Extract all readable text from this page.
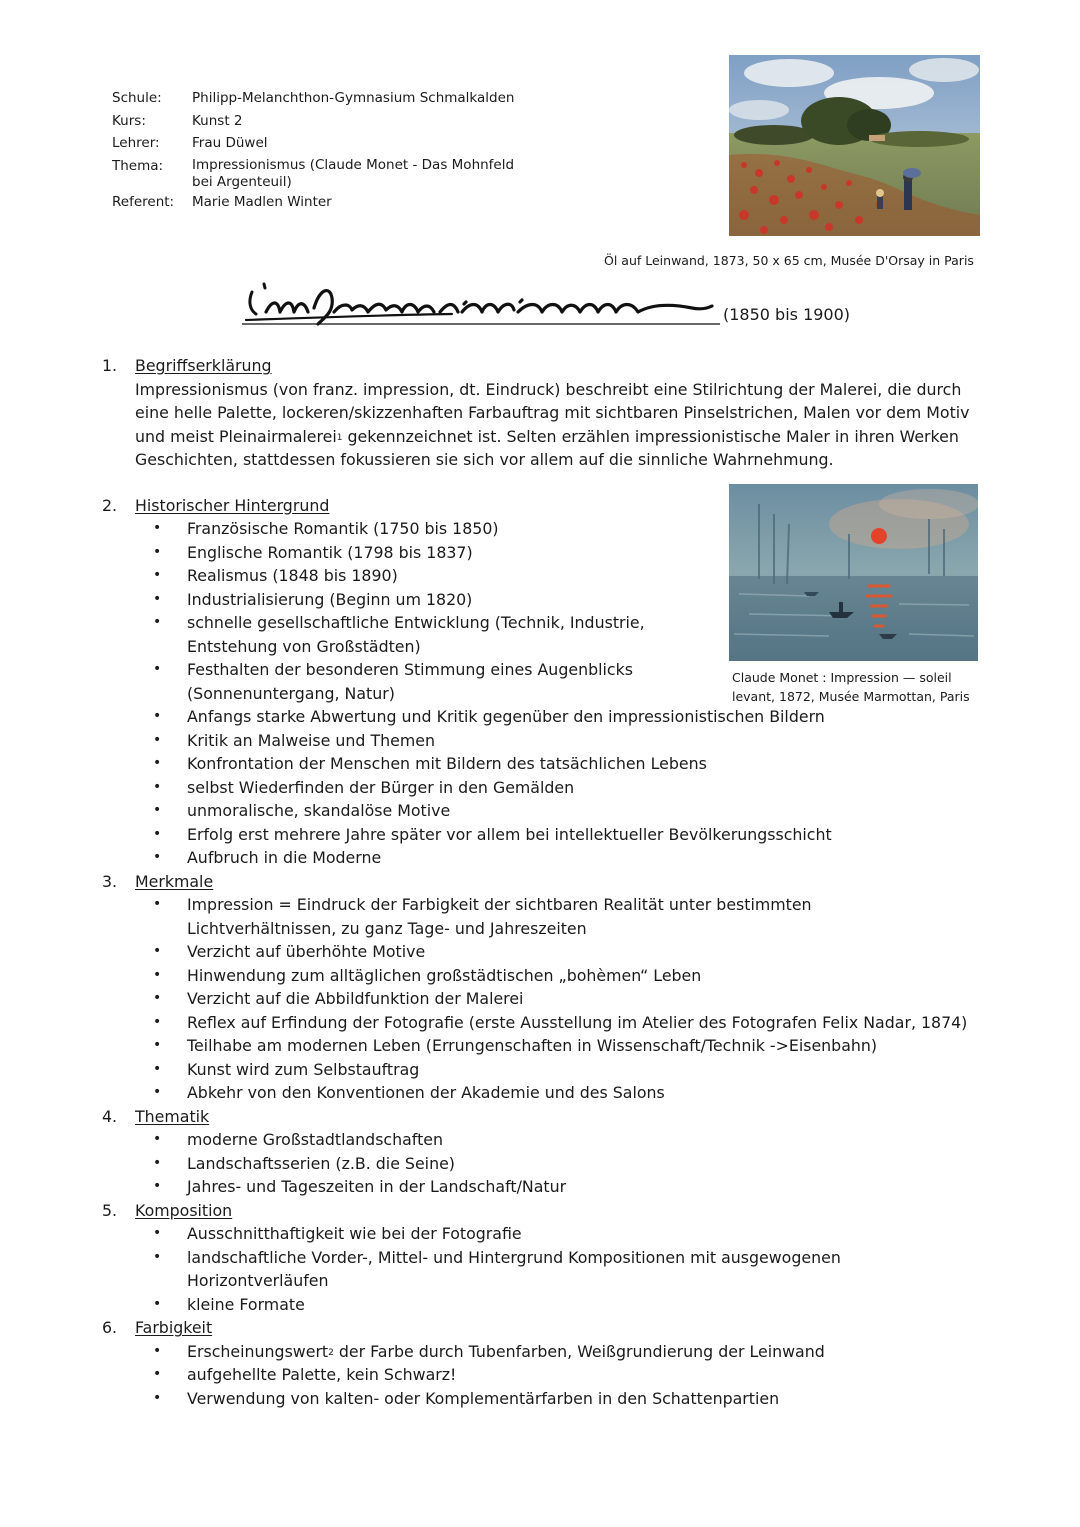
Schule:	Philipp-Melanchthon-Gymnasium Schmalkalden
Kurs:	Kunst 2
Lehrer:	Frau Düwel
Thema:	Impressionismus (Claude Monet - Das Mohnfeld bei Argenteuil)
Referent:	Marie Madlen Winter
Öl auf Leinwand, 1873, 50 x 65 cm, Musée D'Orsay in Paris
(1850 bis 1900)
Claude Monet : Impression — soleil
levant, 1872, Musée Marmottan, Paris
1. Begriffserklärung
Impressionismus (von franz. impression, dt. Eindruck) beschreibt eine Stilrichtung der Malerei, die durch eine helle Palette, lockeren/skizzenhaften Farbauftrag mit sichtbaren Pinselstrichen, Malen vor dem Motiv und meist Pleinairmalerei$^1$ gekennzeichnet ist. Selten erzählen impressionistische Maler in ihren Werken Geschichten, stattdessen fokussieren sie sich vor allem auf die sinnliche Wahrnehmung.
2. Historischer Hintergrund
• Französische Romantik (1750 bis 1850)
• Englische Romantik (1798 bis 1837)
• Realismus (1848 bis 1890)
• Industrialisierung (Beginn um 1820)
• schnelle gesellschaftliche Entwicklung (Technik, Industrie, Entstehung von Großstädten)
• Festhalten der besonderen Stimmung eines Augenblicks (Sonnenuntergang, Natur)
• Anfangs starke Abwertung und Kritik gegenüber den impressionistischen Bildern
• Kritik an Malweise und Themen
• Konfrontation der Menschen mit Bildern des tatsächlichen Lebens
• selbst Wiederfinden der Bürger in den Gemälden
• unmoralische, skandalöse Motive
• Erfolg erst mehrere Jahre später vor allem bei intellektueller Bevölkerungsschicht
• Aufbruch in die Moderne
3. Merkmale
• Impression = Eindruck der Farbigkeit der sichtbaren Realität unter bestimmten Lichtverhältnissen, zu ganz Tage- und Jahreszeiten
• Verzicht auf überhöhte Motive
• Hinwendung zum alltäglichen großstädtischen „bohèmen“ Leben
• Verzicht auf die Abbildfunktion der Malerei
• Reflex auf Erfindung der Fotografie (erste Ausstellung im Atelier des Fotografen Felix Nadar, 1874)
• Teilhabe am modernen Leben (Errungenschaften in Wissenschaft/Technik ->Eisenbahn)
• Kunst wird zum Selbstauftrag
• Abkehr von den Konventionen der Akademie und des Salons
4. Thematik
• moderne Großstadtlandschaften
• Landschaftsserien (z.B. die Seine)
• Jahres- und Tageszeiten in der Landschaft/Natur
5. Komposition
• Ausschnitthaftigkeit wie bei der Fotografie
• landschaftliche Vorder-, Mittel- und Hintergrund Kompositionen mit ausgewogenen Horizontverläufen
• kleine Formate
6. Farbigkeit
• Erscheinungswert$^2$ der Farbe durch Tubenfarben, Weißgrundierung der Leinwand
• aufgehellte Palette, kein Schwarz!
• Verwendung von kalten- oder Komplementärfarben in den Schattenpartien
